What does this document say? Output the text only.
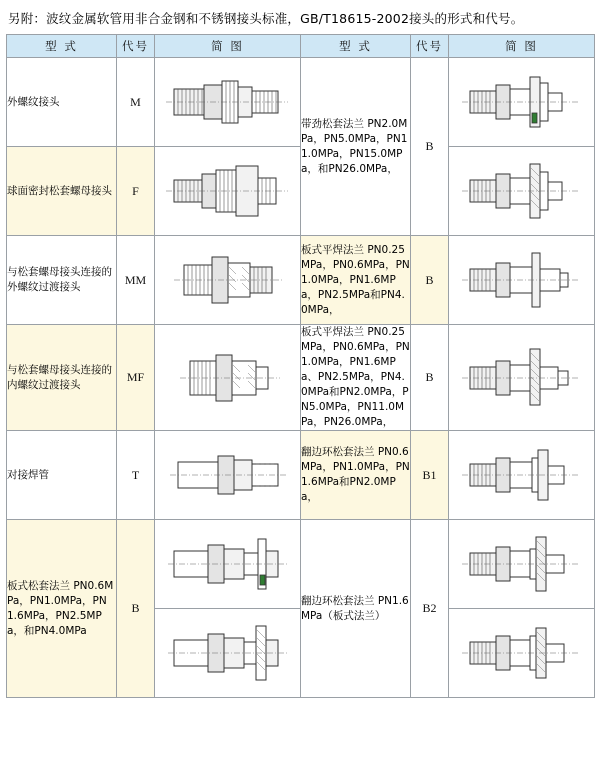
另附：波纹金属软管用非合金钢和不锈钢接头标准，GB/T18615-2002接头的形式和代号。
型 式	代号	简 图	型 式	代号	简 图
外螺纹接头	M		带劲松套法兰 PN2.0MPa，PN5.0MPa，PN11.0MPa，PN15.0MPa，和PN26.0MPa，	B	

球面密封松套螺母接头	F	

与松套螺母接头连接的外螺纹过渡接头	MM		板式平焊法兰 PN0.25MPa，PN0.6MPa，PN1.0MPa，PN1.6MPa，PN2.5MPa和PN4.0MPa，	B	

与松套螺母接头连接的内螺纹过渡接头	MF		板式平焊法兰 PN0.25MPa，PN0.6MPa，PN1.0MPa，PN1.6MPa、PN2.5MPa，PN4.0MPa和PN2.0MPa，PN5.0MPa，PN11.0MPa，PN26.0MPa，	B	

对接焊管	T		翻边环松套法兰 PN0.6MPa，PN1.0MPa，PN1.6MPa和PN2.0MPa，	B1	

板式松套法兰 PN0.6MPa，PN1.0MPa，PN1.6MPa，PN2.5MPa，和PN4.0MPa	B		翻边环松套法兰 PN1.6MPa（板式法兰）	B2	
